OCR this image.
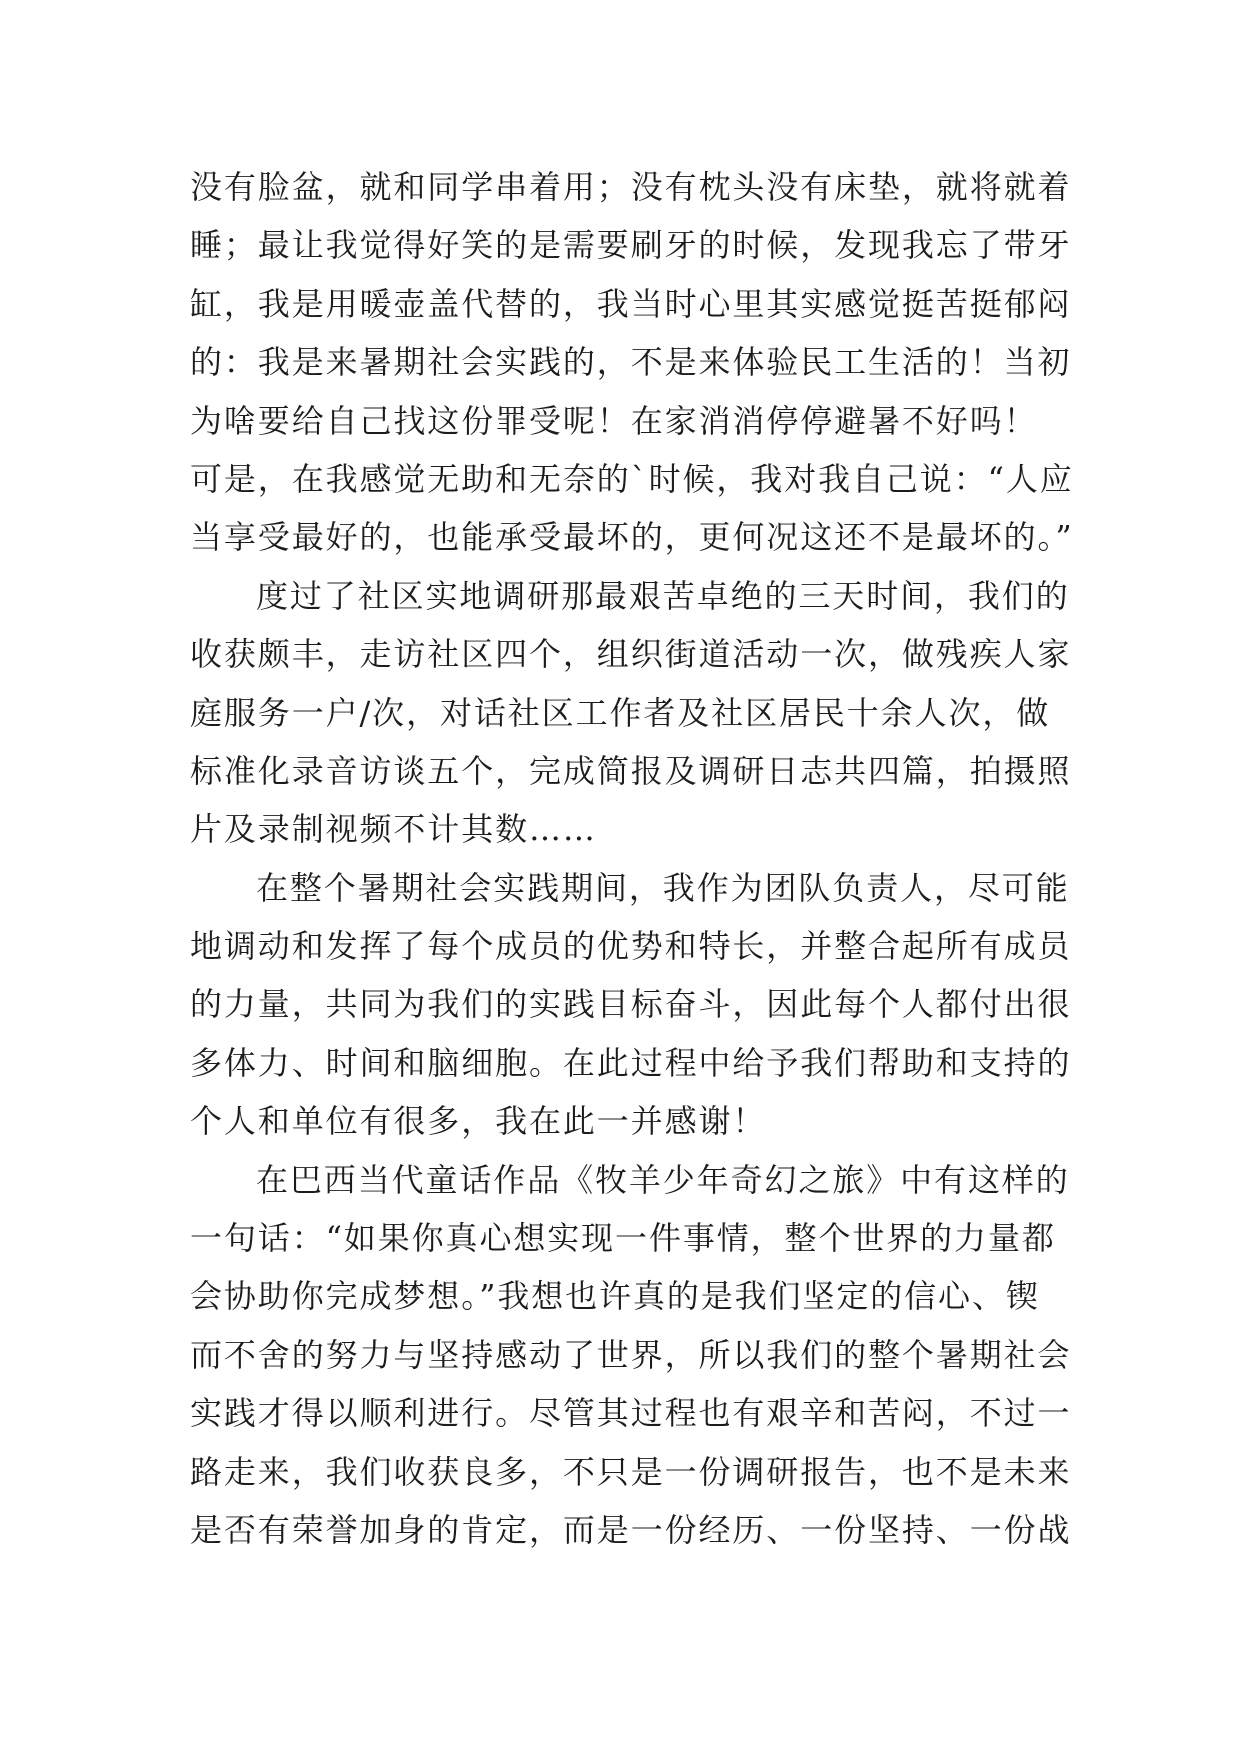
没有脸盆，就和同学串着用；没有枕头没有床垫，就将就着
睡；最让我觉得好笑的是需要刷牙的时候，发现我忘了带牙
缸，我是用暖壶盖代替的，我当时心里其实感觉挺苦挺郁闷
的：我是来暑期社会实践的，不是来体验民工生活的！当初
为啥要给自己找这份罪受呢！在家消消停停避暑不好吗！
可是，在我感觉无助和无奈的`时候，我对我自己说：“人应
当享受最好的，也能承受最坏的，更何况这还不是最坏的。”
度过了社区实地调研那最艰苦卓绝的三天时间，我们的
收获颇丰，走访社区四个，组织街道活动一次，做残疾人家
庭服务一户/次，对话社区工作者及社区居民十余人次，做
标准化录音访谈五个，完成简报及调研日志共四篇，拍摄照
片及录制视频不计其数……
在整个暑期社会实践期间，我作为团队负责人，尽可能
地调动和发挥了每个成员的优势和特长，并整合起所有成员
的力量，共同为我们的实践目标奋斗，因此每个人都付出很
多体力、时间和脑细胞。在此过程中给予我们帮助和支持的
个人和单位有很多，我在此一并感谢！
在巴西当代童话作品《牧羊少年奇幻之旅》中有这样的
一句话：“如果你真心想实现一件事情，整个世界的力量都
会协助你完成梦想。”我想也许真的是我们坚定的信心、锲
而不舍的努力与坚持感动了世界，所以我们的整个暑期社会
实践才得以顺利进行。尽管其过程也有艰辛和苦闷，不过一
路走来，我们收获良多，不只是一份调研报告，也不是未来
是否有荣誉加身的肯定，而是一份经历、一份坚持、一份战
